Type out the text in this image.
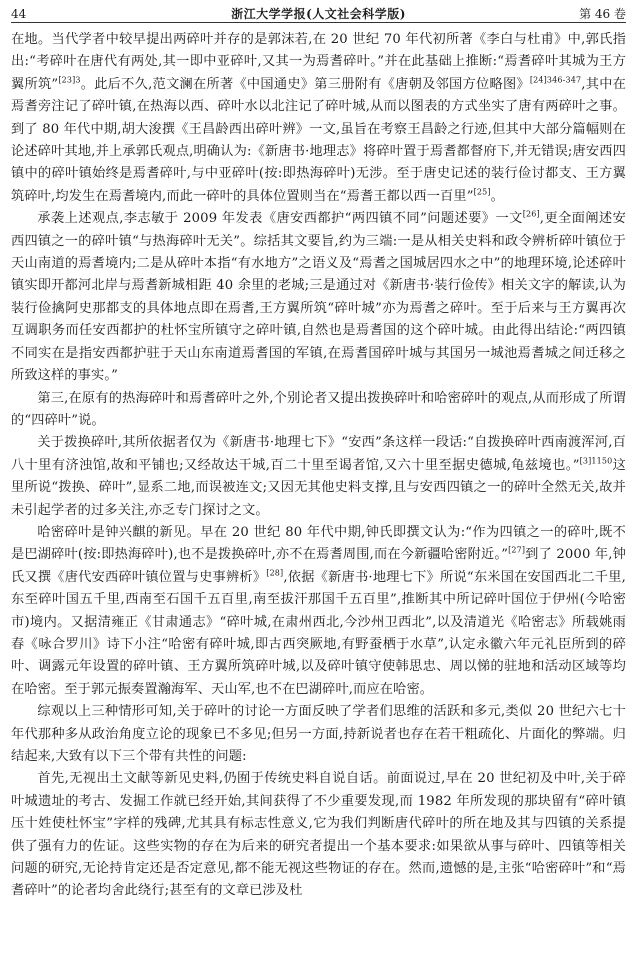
44	浙江大学学报(人文社会科学版)	第 46 卷

在地。当代学者中较早提出两碎叶并存的是郭沫若,在 20 世纪 70 年代初所著《李白与杜甫》中,郭氏指出:“考碎叶在唐代有两处,其一即中亚碎叶,又其一为焉耆碎叶。”并在此基础上推断:“焉耆碎叶其城为王方翼所筑”$^{[23]3}$。此后不久,范文澜在所著《中国通史》第三册附有《唐朝及邻国方位略图》$^{[24]346-347}$,其中在焉耆旁注记了碎叶镇,在热海以西、碎叶水以北注记了碎叶城,从而以图表的方式坐实了唐有两碎叶之事。到了 80 年代中期,胡大浚撰《王昌龄西出碎叶辨》一文,虽旨在考察王昌龄之行迹,但其中大部分篇幅则在论述碎叶其地,并上承郭氏观点,明确认为:《新唐书·地理志》将碎叶置于焉耆都督府下,并无错误;唐安西四镇中的碎叶镇始终是焉耆碎叶,与中亚碎叶(按:即热海碎叶)无涉。至于唐史记述的装行俭讨都支、王方翼筑碎叶,均发生在焉耆境内,而此一碎叶的具体位置则当在“焉耆王都以西一百里”[25]。

承袭上述观点,李志敏于 2009 年发表《唐安西都护“两四镇不同”问题述要》一文[26],更全面阐述安西四镇之一的碎叶镇“与热海碎叶无关”。综括其文要旨,约为三端:一是从相关史料和政令辨析碎叶镇位于天山南道的焉耆境内;二是从碎叶本指“有水地方”之语义及“焉耆之国城居四水之中”的地理环境,论述碎叶镇实即开都河北岸与焉耆新城相距 40 余里的老城;三是通过对《新唐书·装行俭传》相关文字的解读,认为装行俭擒阿史那都支的具体地点即在焉耆,王方翼所筑“碎叶城”亦为焉耆之碎叶。至于后来与王方翼再次互调职务而任安西都护的杜怀宝所镇守之碎叶镇,自然也是焉耆国的这个碎叶城。由此得出结论:“两四镇不同实在是指安西都护驻于天山东南道焉耆国的军镇,在焉耆国碎叶城与其国另一城池焉耆城之间迁移之所致这样的事实。”

第三,在原有的热海碎叶和焉耆碎叶之外,个别论者又提出拨换碎叶和哈密碎叶的观点,从而形成了所谓的“四碎叶”说。

关于拨换碎叶,其所依据者仅为《新唐书·地理七下》“安西”条这样一段话:“自拨换碎叶西南渡浑河,百八十里有济浊馆,故和平铺也;又经故达干城,百二十里至谒者馆,又六十里至据史德城,龟兹境也。”$^{[3]1150}$这里所说“拨换、碎叶”,显系二地,而误被连文;又因无其他史料支撑,且与安西四镇之一的碎叶全然无关,故并未引起学者的过多关注,亦乏专门探讨之文。

哈密碎叶是钟兴麒的新见。早在 20 世纪 80 年代中期,钟氏即撰文认为:“作为四镇之一的碎叶,既不是巴湖碎叶(按:即热海碎叶),也不是拨换碎叶,亦不在焉耆周围,而在今新疆哈密附近。”[27]到了 2000 年,钟氏又撰《唐代安西碎叶镇位置与史事辨析》[28],依据《新唐书·地理七下》所说“东米国在安国西北二千里,东至碎叶国五千里,西南至石国千五百里,南至拔汗那国千五百里”,推断其中所记碎叶国位于伊州(今哈密市)境内。又据清雍正《甘肃通志》“碎叶城,在肃州西北,今沙州卫西北”,以及清道光《哈密志》所载姚雨春《咏合罗川》诗下小注“哈密有碎叶城,即古西突厥地,有野蚕栖于水草”,认定永徽六年元礼臣所到的碎叶、调露元年设置的碎叶镇、王方翼所筑碎叶城,以及碎叶镇守使韩思忠、周以悌的驻地和活动区域等均在哈密。至于郭元振奏置瀚海军、天山军,也不在巴湖碎叶,而应在哈密。

综观以上三种情形可知,关于碎叶的讨论一方面反映了学者们思维的活跃和多元,类似 20 世纪六七十年代那种多从政治角度立论的现象已不多见;但另一方面,持新说者也存在若干粗疏化、片面化的弊端。归结起来,大致有以下三个带有共性的问题:

首先,无视出土文献等新见史料,仍囿于传统史料自说自话。前面说过,早在 20 世纪初及中叶,关于碎叶城遗址的考古、发掘工作就已经开始,其间获得了不少重要发现,而 1982 年所发现的那块留有“碎叶镇压十姓使杜怀宝”字样的残碑,尤其具有标志性意义,它为我们判断唐代碎叶的所在地及其与四镇的关系提供了强有力的佐证。这些实物的存在为后来的研究者提出一个基本要求:如果欲从事与碎叶、四镇等相关问题的研究,无论持肯定还是否定意见,都不能无视这些物证的存在。然而,遗憾的是,主张“哈密碎叶”和“焉耆碎叶”的论者均舍此绕行;甚至有的文章已涉及杜
